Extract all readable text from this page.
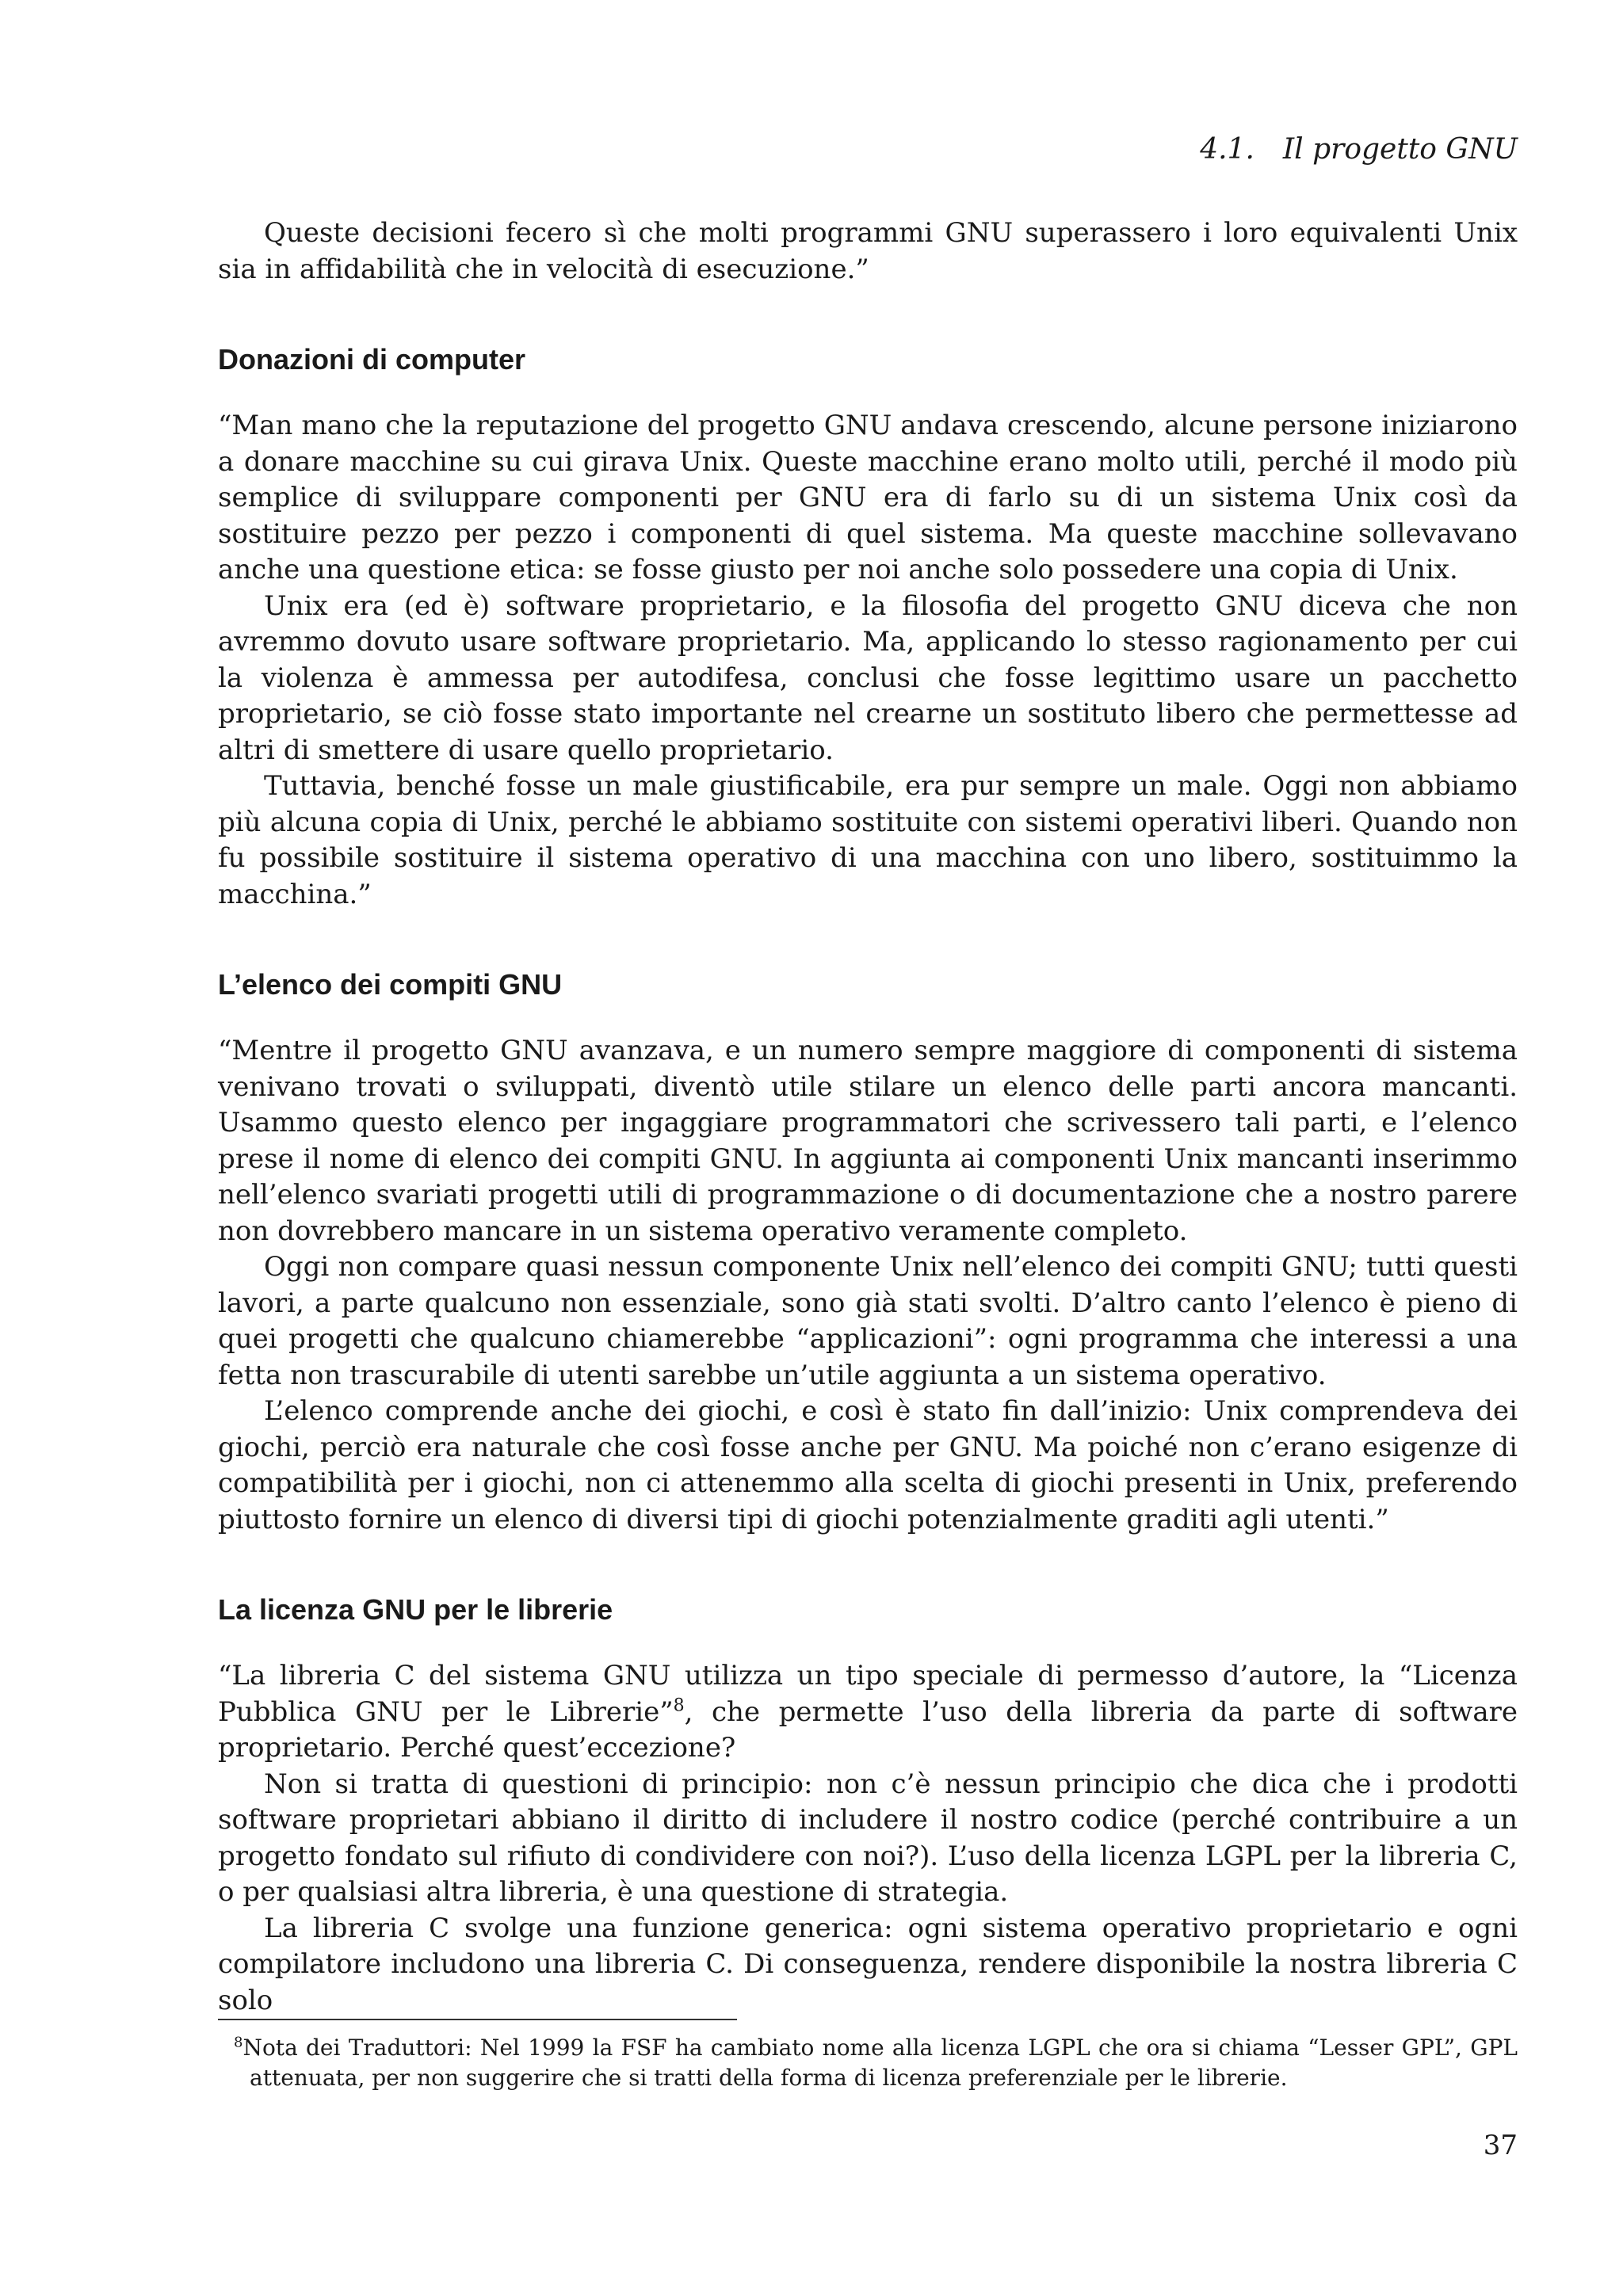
4.1. Il progetto GNU

Queste decisioni fecero sì che molti programmi GNU superassero i loro equivalenti Unix sia in affidabilità che in velocità di esecuzione.”

Donazioni di computer

“Man mano che la reputazione del progetto GNU andava crescendo, alcune persone iniziarono a donare macchine su cui girava Unix. Queste macchine erano molto utili, perché il modo più semplice di sviluppare componenti per GNU era di farlo su di un sistema Unix così da sostituire pezzo per pezzo i componenti di quel sistema. Ma queste macchine sollevavano anche una questione etica: se fosse giusto per noi anche solo possedere una copia di Unix.

Unix era (ed è) software proprietario, e la filosofia del progetto GNU diceva che non avremmo dovuto usare software proprietario. Ma, applicando lo stesso ragionamento per cui la violenza è ammessa per autodifesa, conclusi che fosse legittimo usare un pacchetto proprietario, se ciò fosse stato importante nel crearne un sostituto libero che permettesse ad altri di smettere di usare quello proprietario.

Tuttavia, benché fosse un male giustificabile, era pur sempre un male. Oggi non abbiamo più alcuna copia di Unix, perché le abbiamo sostituite con sistemi operativi liberi. Quando non fu possibile sostituire il sistema operativo di una macchina con uno libero, sostituimmo la macchina.”

L’elenco dei compiti GNU

“Mentre il progetto GNU avanzava, e un numero sempre maggiore di componenti di sistema venivano trovati o sviluppati, diventò utile stilare un elenco delle parti ancora mancanti. Usammo questo elenco per ingaggiare programmatori che scrivessero tali parti, e l’elenco prese il nome di elenco dei compiti GNU. In aggiunta ai componenti Unix mancanti inserimmo nell’elenco svariati progetti utili di programmazione o di documentazione che a nostro parere non dovrebbero mancare in un sistema operativo veramente completo.

Oggi non compare quasi nessun componente Unix nell’elenco dei compiti GNU; tutti questi lavori, a parte qualcuno non essenziale, sono già stati svolti. D’altro canto l’elenco è pieno di quei progetti che qualcuno chiamerebbe “applicazioni”: ogni programma che interessi a una fetta non trascurabile di utenti sarebbe un’utile aggiunta a un sistema operativo.

L’elenco comprende anche dei giochi, e così è stato fin dall’inizio: Unix comprendeva dei giochi, perciò era naturale che così fosse anche per GNU. Ma poiché non c’erano esigenze di compatibilità per i giochi, non ci attenemmo alla scelta di giochi presenti in Unix, preferendo piuttosto fornire un elenco di diversi tipi di giochi potenzialmente graditi agli utenti.”

La licenza GNU per le librerie

“La libreria C del sistema GNU utilizza un tipo speciale di permesso d’autore, la “Licenza Pubblica GNU per le Librerie”$^8$, che permette l’uso della libreria da parte di software proprietario. Perché quest’eccezione?

Non si tratta di questioni di principio: non c’è nessun principio che dica che i prodotti software proprietari abbiano il diritto di includere il nostro codice (perché contribuire a un progetto fondato sul rifiuto di condividere con noi?). L’uso della licenza LGPL per la libreria C, o per qualsiasi altra libreria, è una questione di strategia.

La libreria C svolge una funzione generica: ogni sistema operativo proprietario e ogni compilatore includono una libreria C. Di conseguenza, rendere disponibile la nostra libreria C solo

$^8$Nota dei Traduttori: Nel 1999 la FSF ha cambiato nome alla licenza LGPL che ora si chiama “Lesser GPL”, GPL attenuata, per non suggerire che si tratti della forma di licenza preferenziale per le librerie.
37
